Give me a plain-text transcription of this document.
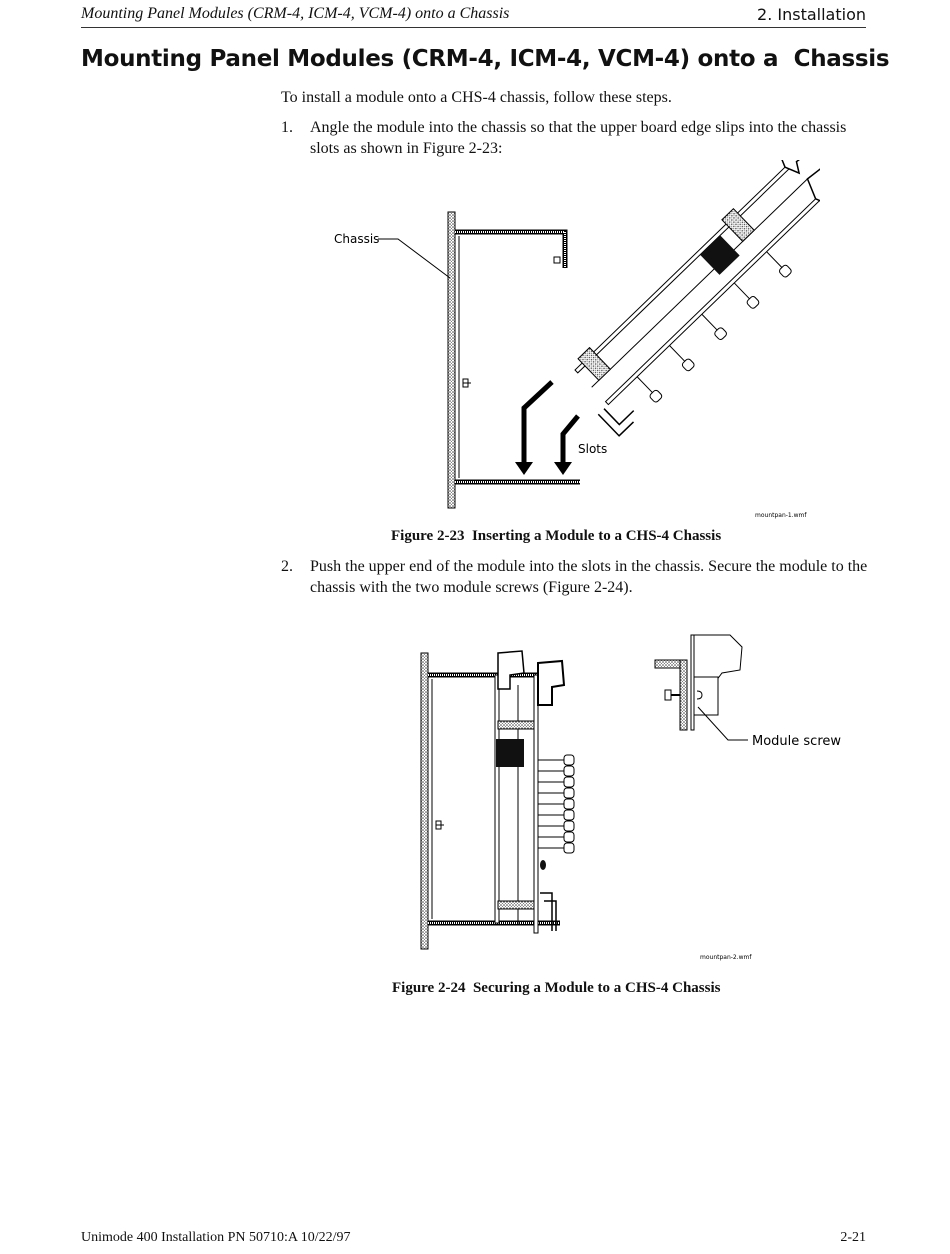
Mounting Panel Modules (CRM-4, ICM-4, VCM-4) onto a Chassis	2. Installation
Mounting Panel Modules (CRM-4, ICM-4, VCM-4) onto a  Chassis
To install a module onto a CHS-4 chassis, follow these steps.
1. Angle the module into the chassis so that the upper board edge slips into the chassis slots as shown in Figure 2-23:
Chassis
Slots
mountpan-1.wmf
Figure 2-23  Inserting a Module to a CHS-4 Chassis
2. Push the upper end of the module into the slots in the chassis. Secure the module to the chassis with the two module screws (Figure 2-24).
Module screw
mountpan-2.wmf
Figure 2-24  Securing a Module to a CHS-4 Chassis
Unimode 400 Installation PN 50710:A 10/22/97	2-21
